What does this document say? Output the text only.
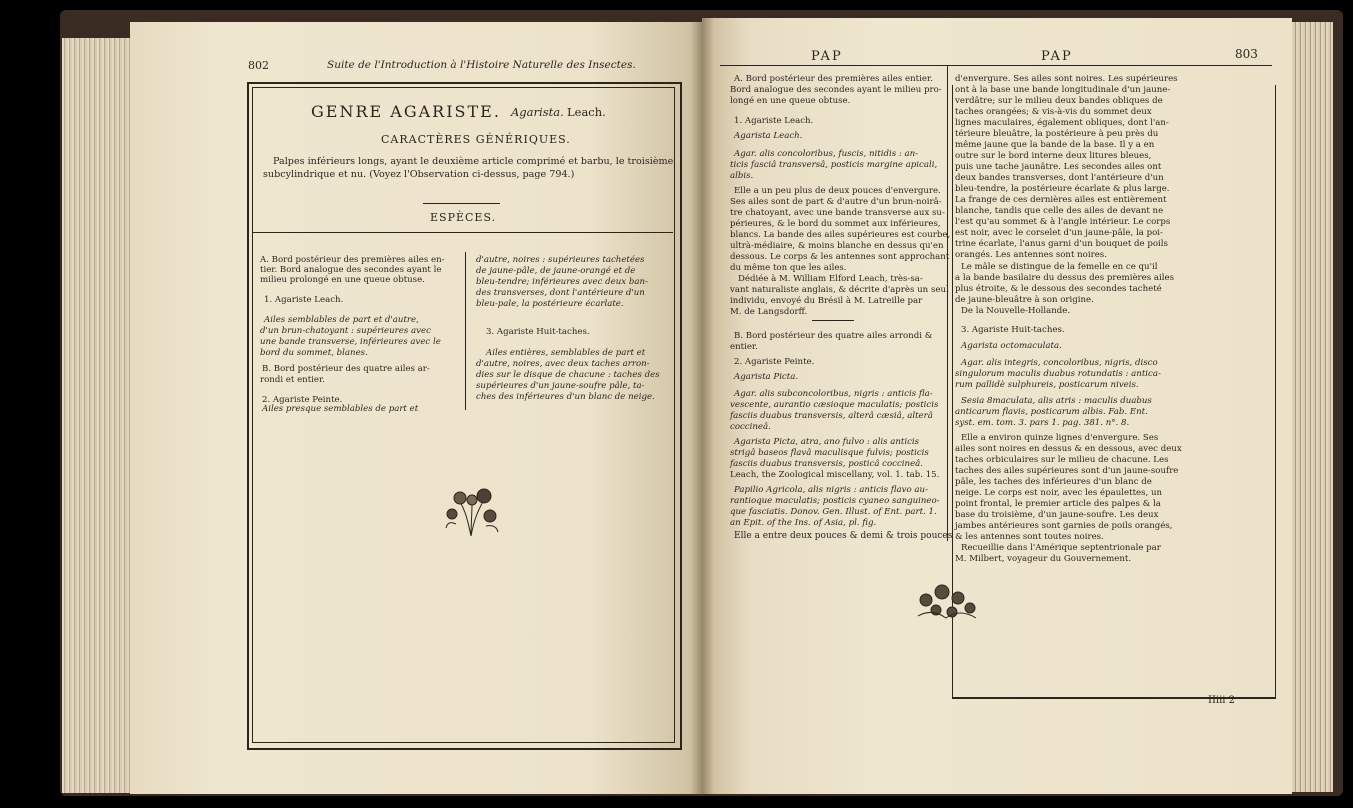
802	Suite de l'Introduction à l'Histoire Naturelle des Insectes.
GENRE AGARISTE. Agarista. Leach.
CARACTÈRES GÉNÉRIQUES.
Palpes inférieurs longs, ayant le deuxième article comprimé et barbu, le troisième
subcylindrique et nu. (Voyez l'Observation ci-dessus, page 794.)
ESPÈCES.
A. Bord postérieur des premières ailes en-
tier. Bord analogue des secondes ayant le
milieu prolongé en une queue obtuse.
1. Agariste Leach.
Ailes semblables de part et d'autre,
d'un brun-chatoyant : supérieures avec
une bande transverse, inférieures avec le
bord du sommet, blanes.
B. Bord postérieur des quatre ailes ar-
rondi et entier.
2. Agariste Peinte.
Ailes presque semblables de part et
d'autre, noires : supérieures tachetées
de jaune-pâle, de jaune-orangé et de
bleu-tendre; inférieures avec deux ban-
des transverses, dont l'antérieure d'un
bleu-pale, la postérieure écarlate.
3. Agariste Huit-taches.
Ailes entières, semblables de part et
d'autre, noires, avec deux taches arron-
dies sur le disque de chacune : taches des
supérieures d'un jaune-soufre pâle, ta-
ches des inférieures d'un blanc de neige.
PAP	PAP	803
A. Bord postérieur des premières ailes entier.
Bord analogue des secondes ayant le milieu pro-
longé en une queue obtuse.
1. Agariste Leach.
Agarista Leach.
Agar. alis concoloribus, fuscis, nitidis : an-
ticis fasciâ transversâ, posticis margine apicali,
albis.
Elle a un peu plus de deux pouces d'envergure.
Ses ailes sont de part & d'autre d'un brun-noirâ-
tre chatoyant, avec une bande transverse aux su-
périeures, & le bord du sommet aux inférieures,
blancs. La bande des ailes supérieures est courbe,
ultrà-médiaire, & moins blanche en dessus qu'en
dessous. Le corps & les antennes sont approchant
du même ton que les ailes.
Dédiée à M. William Elford Leach, très-sa-
vant naturaliste anglais, & décrite d'après un seul
individu, envoyé du Brésil à M. Latreille par
M. de Langsdorff.
B. Bord postérieur des quatre ailes arrondi &
entier.
2. Agariste Peinte.
Agarista Picta.
Agar. alis subconcoloribus, nigris : anticis fla-
vescente, aurantio cæsioque maculatis; posticis
fasciis duabus transversis, alterâ cæsiâ, alterâ
coccineâ.
Agarista Picta, atra, ano fulvo : alis anticis
strigâ baseos flavâ maculisque fulvis; posticis
fasciis duabus transversis, posticâ coccineâ.
Leach, the Zoological miscellany, vol. 1. tab. 15.
Papilio Agricola, alis nigris : anticis flavo au-
rantioque maculatis; posticis cyaneo sanguineo-
que fasciatis. Donov. Gen. Illust. of Ent. part. 1.
an Epit. of the Ins. of Asia, pl. fig.
Elle a entre deux pouces & demi & trois pouces
d'envergure. Ses ailes sont noires. Les supérieures
ont à la base une bande longitudinale d'un jaune-
verdâtre; sur le milieu deux bandes obliques de
taches orangées; & vis-à-vis du sommet deux
lignes maculaires, également obliques, dont l'an-
térieure bleuâtre, la postérieure à peu près du
même jaune que la bande de la base. Il y a en
outre sur le bord interne deux litures bleues,
puis une tache jaunâtre. Les secondes ailes ont
deux bandes transverses, dont l'antérieure d'un
bleu-tendre, la postérieure écarlate & plus large.
La frange de ces dernières ailes est entièrement
blanche, tandis que celle des ailes de devant ne
l'est qu'au sommet & à l'angle intérieur. Le corps
est noir, avec le corselet d'un jaune-pâle, la poi-
trine écarlate, l'anus garni d'un bouquet de poils
orangés. Les antennes sont noires.
Le mâle se distingue de la femelle en ce qu'il
a la bande basilaire du dessus des premières ailes
plus étroite, & le dessous des secondes tacheté
de jaune-bleuâtre à son origine.
De la Nouvelle-Hollande.
3. Agariste Huit-taches.
Agarista octomaculata.
Agar. alis integris, concoloribus, nigris, disco
singulorum maculis duabus rotundatis : antica-
rum pallidè sulphureis, posticarum niveis.
Sesia 8maculata, alis atris : maculis duabus
anticarum flavis, posticarum albis. Fab. Ent.
syst. em. tom. 3. pars 1. pag. 381. n°. 8.
Elle a environ quinze lignes d'envergure. Ses
ailes sont noires en dessus & en dessous, avec deux
taches orbiculaires sur le milieu de chacune. Les
taches des ailes supérieures sont d'un jaune-soufre
pâle, les taches des inférieures d'un blanc de
neige. Le corps est noir, avec les épaulettes, un
point frontal, le premier article des palpes & la
base du troisième, d'un jaune-soufre. Les deux
jambes antérieures sont garnies de poils orangés,
& les antennes sont toutes noires.
Recueillie dans l'Amérique septentrionale par
M. Milbert, voyageur du Gouvernement.
IIiii 2
